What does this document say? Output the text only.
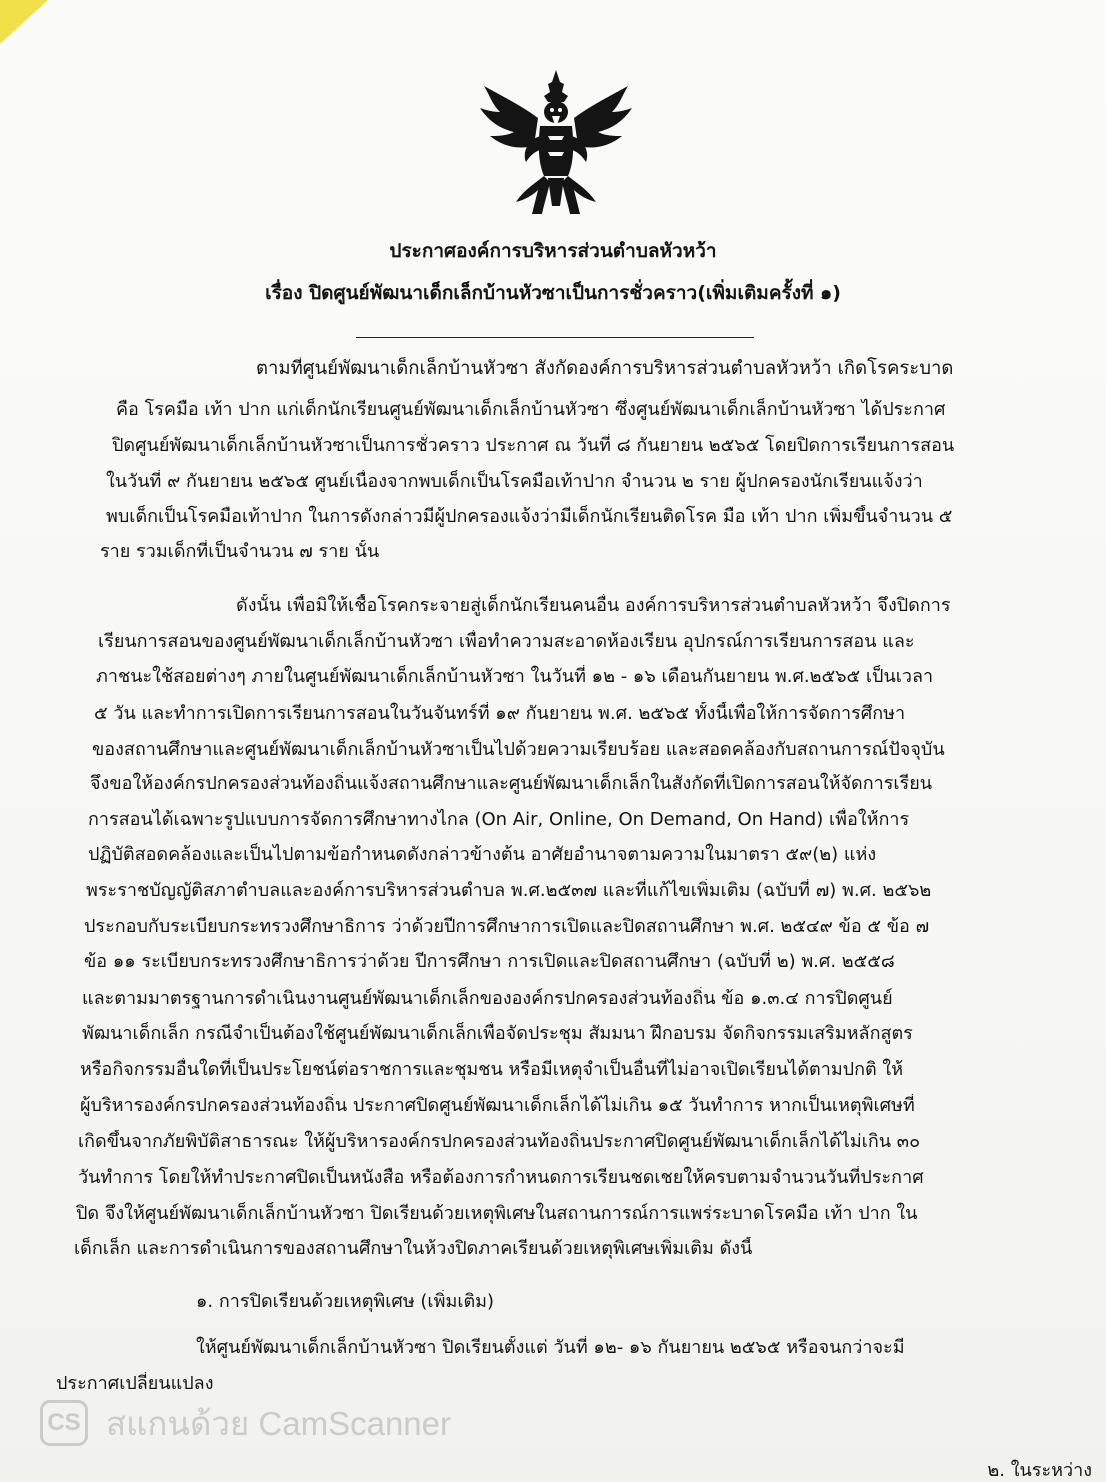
ประกาศองค์การบริหารส่วนตำบลหัวหว้า
เรื่อง ปิดศูนย์พัฒนาเด็กเล็กบ้านหัวซาเป็นการชั่วคราว(เพิ่มเติมครั้งที่ ๑)
ตามที่ศูนย์พัฒนาเด็กเล็กบ้านหัวซา สังกัดองค์การบริหารส่วนตำบลหัวหว้า เกิดโรคระบาด
คือ โรคมือ เท้า ปาก แก่เด็กนักเรียนศูนย์พัฒนาเด็กเล็กบ้านหัวซา ซึ่งศูนย์พัฒนาเด็กเล็กบ้านหัวซา ได้ประกาศ
ปิดศูนย์พัฒนาเด็กเล็กบ้านหัวซาเป็นการชั่วคราว ประกาศ ณ วันที่ ๘ กันยายน ๒๕๖๕ โดยปิดการเรียนการสอน
ในวันที่ ๙ กันยายน ๒๕๖๕ ศูนย์เนื่องจากพบเด็กเป็นโรคมือเท้าปาก จำนวน ๒ ราย ผู้ปกครองนักเรียนแจ้งว่า
พบเด็กเป็นโรคมือเท้าปาก ในการดังกล่าวมีผู้ปกครองแจ้งว่ามีเด็กนักเรียนติดโรค มือ เท้า ปาก เพิ่มขึ้นจำนวน ๕
ราย รวมเด็กที่เป็นจำนวน ๗ ราย นั้น
ดังนั้น เพื่อมิให้เชื้อโรคกระจายสู่เด็กนักเรียนคนอื่น องค์การบริหารส่วนตำบลหัวหว้า จึงปิดการ
เรียนการสอนของศูนย์พัฒนาเด็กเล็กบ้านหัวซา เพื่อทำความสะอาดห้องเรียน อุปกรณ์การเรียนการสอน และ
ภาชนะใช้สอยต่างๆ ภายในศูนย์พัฒนาเด็กเล็กบ้านหัวซา ในวันที่ ๑๒ - ๑๖ เดือนกันยายน พ.ศ.๒๕๖๕ เป็นเวลา
๕ วัน และทำการเปิดการเรียนการสอนในวันจันทร์ที่ ๑๙ กันยายน พ.ศ. ๒๕๖๕ ทั้งนี้เพื่อให้การจัดการศึกษา
ของสถานศึกษาและศูนย์พัฒนาเด็กเล็กบ้านหัวซาเป็นไปด้วยความเรียบร้อย และสอดคล้องกับสถานการณ์ปัจจุบัน
จึงขอให้องค์กรปกครองส่วนท้องถิ่นแจ้งสถานศึกษาและศูนย์พัฒนาเด็กเล็กในสังกัดที่เปิดการสอนให้จัดการเรียน
การสอนได้เฉพาะรูปแบบการจัดการศึกษาทางไกล (On Air, Online, On Demand, On Hand) เพื่อให้การ
ปฏิบัติสอดคล้องและเป็นไปตามข้อกำหนดดังกล่าวข้างต้น อาศัยอำนาจตามความในมาตรา ๕๙(๒) แห่ง
พระราชบัญญัติสภาตำบลและองค์การบริหารส่วนตำบล พ.ศ.๒๕๓๗ และที่แก้ไขเพิ่มเติม (ฉบับที่ ๗) พ.ศ. ๒๕๖๒
ประกอบกับระเบียบกระทรวงศึกษาธิการ ว่าด้วยปีการศึกษาการเปิดและปิดสถานศึกษา พ.ศ. ๒๕๔๙ ข้อ ๕ ข้อ ๗
ข้อ ๑๑ ระเบียบกระทรวงศึกษาธิการว่าด้วย ปีการศึกษา การเปิดและปิดสถานศึกษา (ฉบับที่ ๒) พ.ศ. ๒๕๕๘
และตามมาตรฐานการดำเนินงานศูนย์พัฒนาเด็กเล็กขององค์กรปกครองส่วนท้องถิ่น ข้อ ๑.๓.๔ การปิดศูนย์
พัฒนาเด็กเล็ก กรณีจำเป็นต้องใช้ศูนย์พัฒนาเด็กเล็กเพื่อจัดประชุม สัมมนา ฝึกอบรม จัดกิจกรรมเสริมหลักสูตร
หรือกิจกรรมอื่นใดที่เป็นประโยชน์ต่อราชการและชุมชน หรือมีเหตุจำเป็นอื่นที่ไม่อาจเปิดเรียนได้ตามปกติ ให้
ผู้บริหารองค์กรปกครองส่วนท้องถิ่น ประกาศปิดศูนย์พัฒนาเด็กเล็กได้ไม่เกิน ๑๕ วันทำการ หากเป็นเหตุพิเศษที่
เกิดขึ้นจากภัยพิบัติสาธารณะ ให้ผู้บริหารองค์กรปกครองส่วนท้องถิ่นประกาศปิดศูนย์พัฒนาเด็กเล็กได้ไม่เกิน ๓๐
วันทำการ โดยให้ทำประกาศปิดเป็นหนังสือ หรือต้องการกำหนดการเรียนชดเชยให้ครบตามจำนวนวันที่ประกาศ
ปิด จึงให้ศูนย์พัฒนาเด็กเล็กบ้านหัวซา ปิดเรียนด้วยเหตุพิเศษในสถานการณ์การแพร่ระบาดโรคมือ เท้า ปาก ใน
เด็กเล็ก และการดำเนินการของสถานศึกษาในห้วงปิดภาคเรียนด้วยเหตุพิเศษเพิ่มเติม ดังนี้
๑. การปิดเรียนด้วยเหตุพิเศษ (เพิ่มเติม)
ให้ศูนย์พัฒนาเด็กเล็กบ้านหัวซา ปิดเรียนตั้งแต่ วันที่ ๑๒- ๑๖ กันยายน ๒๕๖๕ หรือจนกว่าจะมี
ประกาศเปลี่ยนแปลง
CS สแกนด้วย CamScanner
๒. ในระหว่าง
